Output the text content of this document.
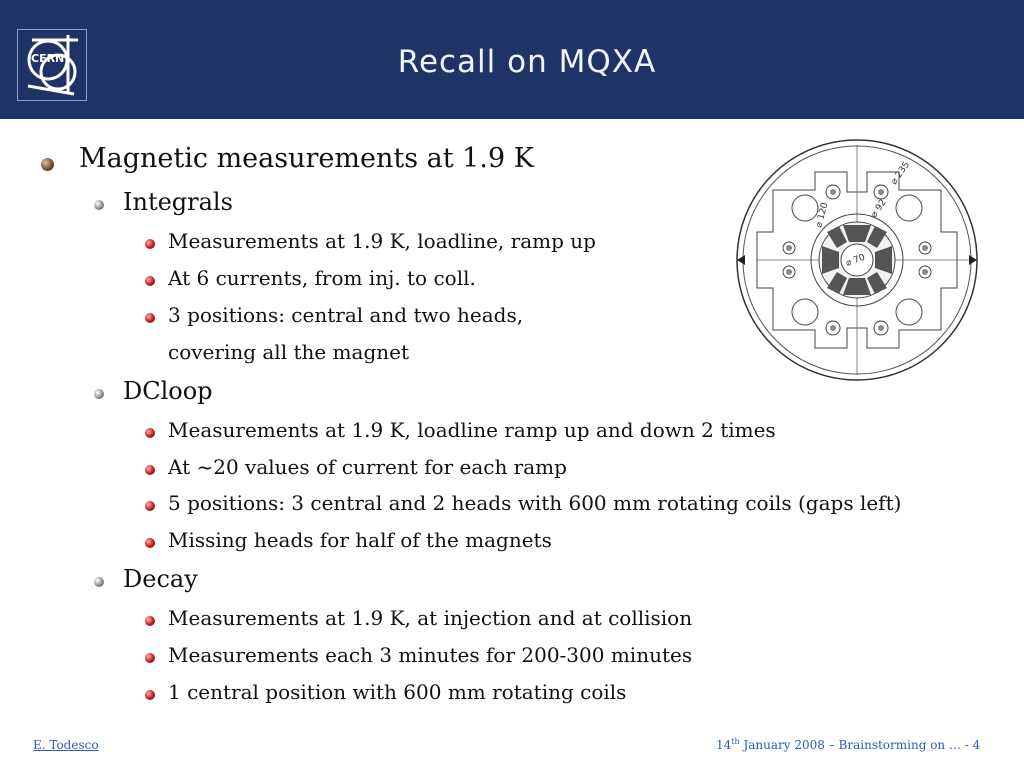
CERN	Recall on MQXA
Magnetic measurements at 1.9 K
Integrals
Measurements at 1.9 K, loadline, ramp up
At 6 currents, from inj. to coll.
3 positions: central and two heads,
covering all the magnet
DCloop
Measurements at 1.9 K, loadline ramp up and down 2 times
At ~20 values of current for each ramp
5 positions: 3 central and 2 heads with 600 mm rotating coils (gaps left)
Missing heads for half of the magnets
Decay
Measurements at 1.9 K, at injection and at collision
Measurements each 3 minutes for 200-300 minutes
1 central position with 600 mm rotating coils
⌀ 235
⌀ 92
⌀ 70
⌀ 120
E. Todesco	14th January 2008 – Brainstorming on … - 4
